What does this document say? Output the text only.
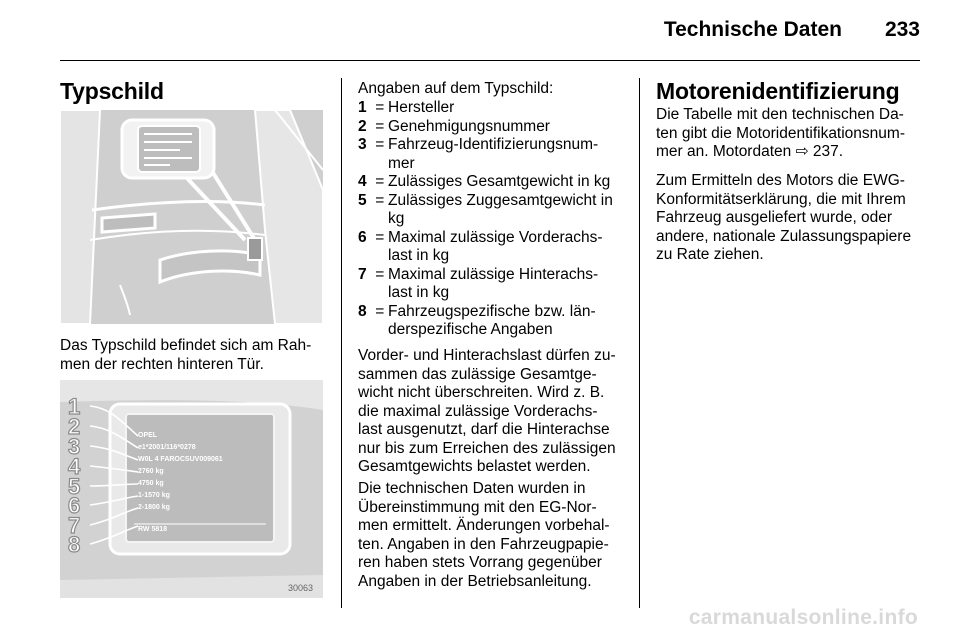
Technische Daten 233
Typschild
Das Typschild befindet sich am Rah-
men der rechten hinteren Tür.
OPEL
e1*2001/116*0278
W0L 4 FAROCSUV009061
2760 kg
4750 kg
1-1570 kg
2-1800 kg
RW 5818
1
2
3
4
5
6
7
8
30063
Angaben auf dem Typschild:
1 = Hersteller
2 = Genehmigungsnummer
3 = Fahrzeug-Identifizierungsnum-mer
4 = Zulässiges Gesamtgewicht in kg
5 = Zulässiges Zuggesamtgewicht in kg
6 = Maximal zulässige Vorderachs-last in kg
7 = Maximal zulässige Hinterachs-last in kg
8 = Fahrzeugspezifische bzw. län-derspezifische Angaben
Vorder- und Hinterachslast dürfen zu-
sammen das zulässige Gesamtge-
wicht nicht überschreiten. Wird z. B.
die maximal zulässige Vorderachs-
last ausgenutzt, darf die Hinterachse
nur bis zum Erreichen des zulässigen
Gesamtgewichts belastet werden.
Die technischen Daten wurden in
Übereinstimmung mit den EG-Nor-
men ermittelt. Änderungen vorbehal-
ten. Angaben in den Fahrzeugpapie-
ren haben stets Vorrang gegenüber
Angaben in der Betriebsanleitung.
Motorenidentifizierung
Die Tabelle mit den technischen Da-
ten gibt die Motoridentifikationsnum-
mer an. Motordaten ⇨ 237.
Zum Ermitteln des Motors die EWG-
Konformitätserklärung, die mit Ihrem
Fahrzeug ausgeliefert wurde, oder
andere, nationale Zulassungspapiere
zu Rate ziehen.
carmanualsonline.info
